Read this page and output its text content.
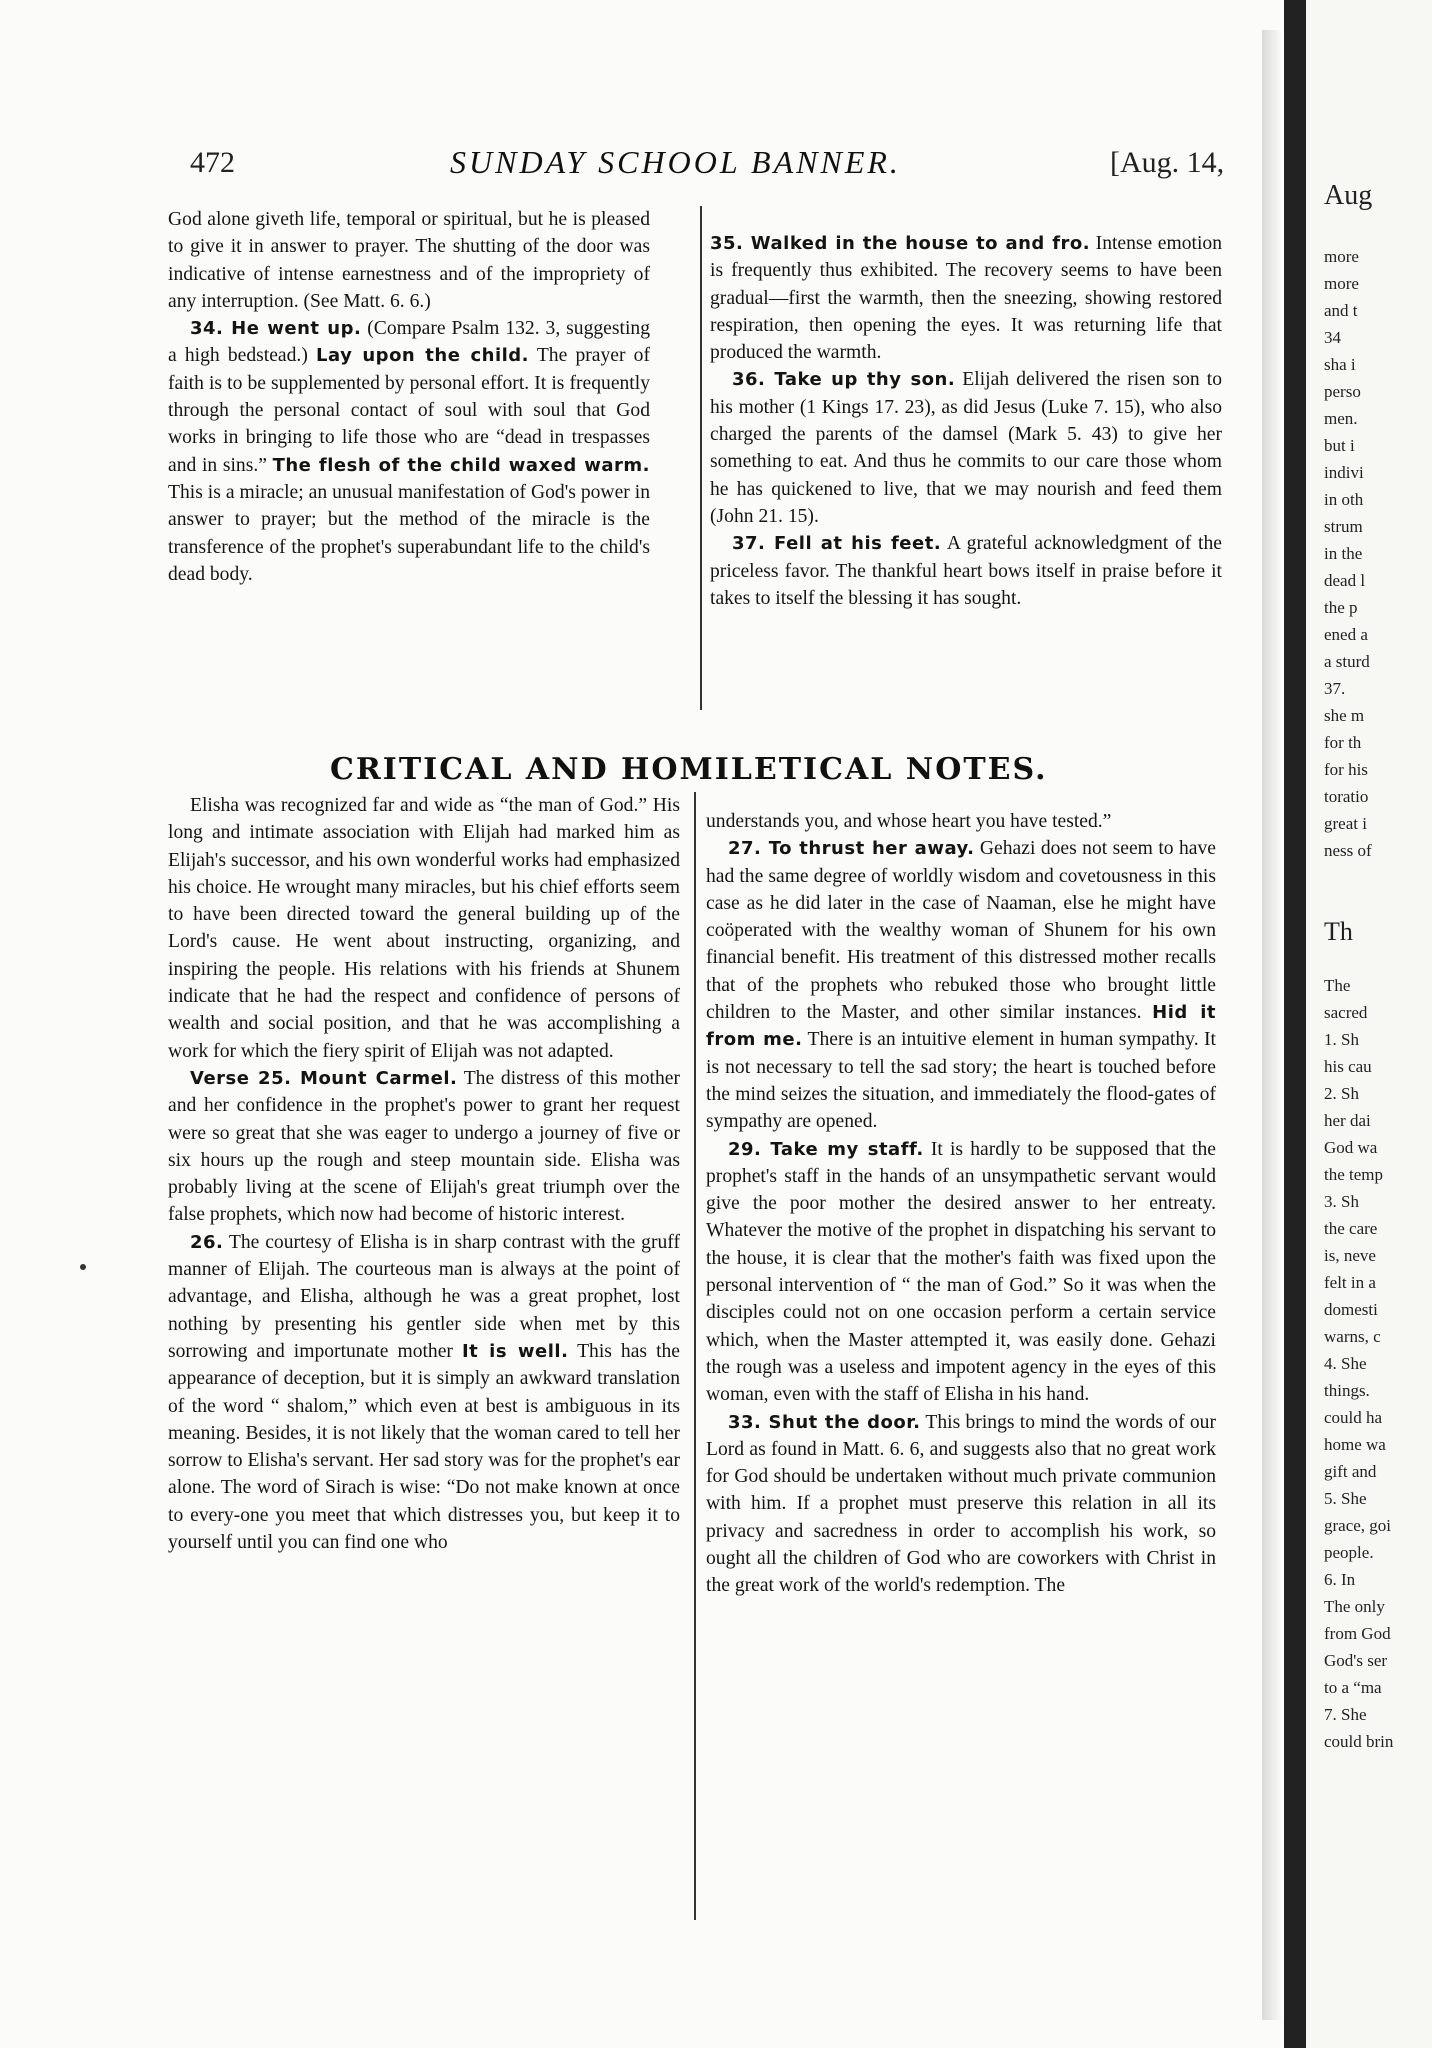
472	SUNDAY SCHOOL BANNER.	[Aug. 14,

God alone giveth life, temporal or spiritual, but he is pleased to give it in answer to prayer. The shutting of the door was indicative of intense earnestness and of the impropriety of any interruption. (See Matt. 6. 6.)

34. He went up. (Compare Psalm 132. 3, suggesting a high bedstead.) Lay upon the child. The prayer of faith is to be supplemented by personal effort. It is frequently through the personal contact of soul with soul that God works in bringing to life those who are “dead in trespasses and in sins.” The flesh of the child waxed warm. This is a miracle; an unusual manifestation of God's power in answer to prayer; but the method of the miracle is the transference of the prophet's superabundant life to the child's dead body.

35. Walked in the house to and fro. Intense emotion is frequently thus exhibited. The recovery seems to have been gradual—first the warmth, then the sneezing, showing restored respiration, then opening the eyes. It was returning life that produced the warmth.

36. Take up thy son. Elijah delivered the risen son to his mother (1 Kings 17. 23), as did Jesus (Luke 7. 15), who also charged the parents of the damsel (Mark 5. 43) to give her something to eat. And thus he commits to our care those whom he has quickened to live, that we may nourish and feed them (John 21. 15).

37. Fell at his feet. A grateful acknowledgment of the priceless favor. The thankful heart bows itself in praise before it takes to itself the blessing it has sought.

CRITICAL AND HOMILETICAL NOTES.

Elisha was recognized far and wide as “the man of God.” His long and intimate association with Elijah had marked him as Elijah's successor, and his own wonderful works had emphasized his choice. He wrought many miracles, but his chief efforts seem to have been directed toward the general building up of the Lord's cause. He went about instructing, organizing, and inspiring the people. His relations with his friends at Shunem indicate that he had the respect and confidence of persons of wealth and social position, and that he was accomplishing a work for which the fiery spirit of Elijah was not adapted.

Verse 25. Mount Carmel. The distress of this mother and her confidence in the prophet's power to grant her request were so great that she was eager to undergo a journey of five or six hours up the rough and steep mountain side. Elisha was probably living at the scene of Elijah's great triumph over the false prophets, which now had become of historic interest.

26. The courtesy of Elisha is in sharp contrast with the gruff manner of Elijah. The courteous man is always at the point of advantage, and Elisha, although he was a great prophet, lost nothing by presenting his gentler side when met by this sorrowing and importunate mother It is well. This has the appearance of deception, but it is simply an awkward translation of the word “ shalom,” which even at best is ambiguous in its meaning. Besides, it is not likely that the woman cared to tell her sorrow to Elisha's servant. Her sad story was for the prophet's ear alone. The word of Sirach is wise: “Do not make known at once to every-one you meet that which distresses you, but keep it to yourself until you can find one who

understands you, and whose heart you have tested.”

27. To thrust her away. Gehazi does not seem to have had the same degree of worldly wisdom and covetousness in this case as he did later in the case of Naaman, else he might have coöperated with the wealthy woman of Shunem for his own financial benefit. His treatment of this distressed mother recalls that of the prophets who rebuked those who brought little children to the Master, and other similar instances. Hid it from me. There is an intuitive element in human sympathy. It is not necessary to tell the sad story; the heart is touched before the mind seizes the situation, and immediately the flood-gates of sympathy are opened.

29. Take my staff. It is hardly to be supposed that the prophet's staff in the hands of an unsympathetic servant would give the poor mother the desired answer to her entreaty. Whatever the motive of the prophet in dispatching his servant to the house, it is clear that the mother's faith was fixed upon the personal intervention of “ the man of God.” So it was when the disciples could not on one occasion perform a certain service which, when the Master attempted it, was easily done. Gehazi the rough was a useless and impotent agency in the eyes of this woman, even with the staff of Elisha in his hand.

33. Shut the door. This brings to mind the words of our Lord as found in Matt. 6. 6, and suggests also that no great work for God should be undertaken without much private communion with him. If a prophet must preserve this relation in all its privacy and sacredness in order to accomplish his work, so ought all the children of God who are coworkers with Christ in the great work of the world's redemption. The

Aug

more
more
and t
34
sha i
perso
men.
but i
indivi
in oth
strum
in the
dead l
the p
ened a
a sturd
37.
she m
for th
for his
toratio
great i
ness of

Th

The
sacred
1. Sh
his cau
2. Sh
her dai
God wa
the temp
3. Sh
the care
is, neve
felt in a
domesti
warns, c
4. She
things.
could ha
home wa
gift and
5. She
grace, goi
people.
6. In
The only
from God
God's ser
to a “ma
7. She
could brin
